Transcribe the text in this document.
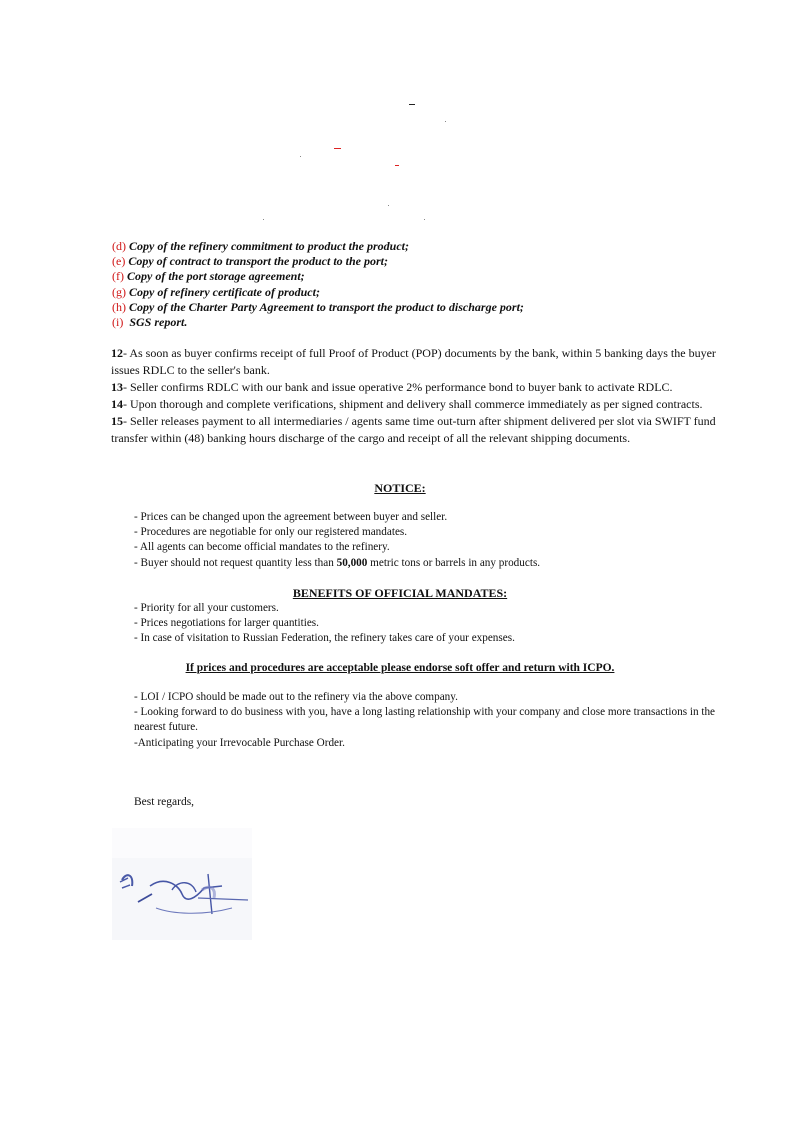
(d) Copy of the refinery commitment to product the product;
(e) Copy of contract to transport the product to the port;
(f) Copy of the port storage agreement;
(g) Copy of refinery certificate of product;
(h) Copy of the Charter Party Agreement to transport the product to discharge port;
(i) SGS report.

12- As soon as buyer confirms receipt of full Proof of Product (POP) documents by the bank, within 5 banking days the buyer issues RDLC to the seller's bank.

13- Seller confirms RDLC with our bank and issue operative 2% performance bond to buyer bank to activate RDLC.

14- Upon thorough and complete verifications, shipment and delivery shall commerce immediately as per signed contracts.

15- Seller releases payment to all intermediaries / agents same time out-turn after shipment delivered per slot via SWIFT fund transfer within (48) banking hours discharge of the cargo and receipt of all the relevant shipping documents.

NOTICE:
- Prices can be changed upon the agreement between buyer and seller.
- Procedures are negotiable for only our registered mandates.
- All agents can become official mandates to the refinery.
- Buyer should not request quantity less than 50,000 metric tons or barrels in any products.
BENEFITS OF OFFICIAL MANDATES:
- Priority for all your customers.
- Prices negotiations for larger quantities.
- In case of visitation to Russian Federation, the refinery takes care of your expenses.
If prices and procedures are acceptable please endorse soft offer and return with ICPO.
- LOI / ICPO should be made out to the refinery via the above company.
- Looking forward to do business with you, have a long lasting relationship with your company and close more transactions in the nearest future.
-Anticipating your Irrevocable Purchase Order.
Best regards,
